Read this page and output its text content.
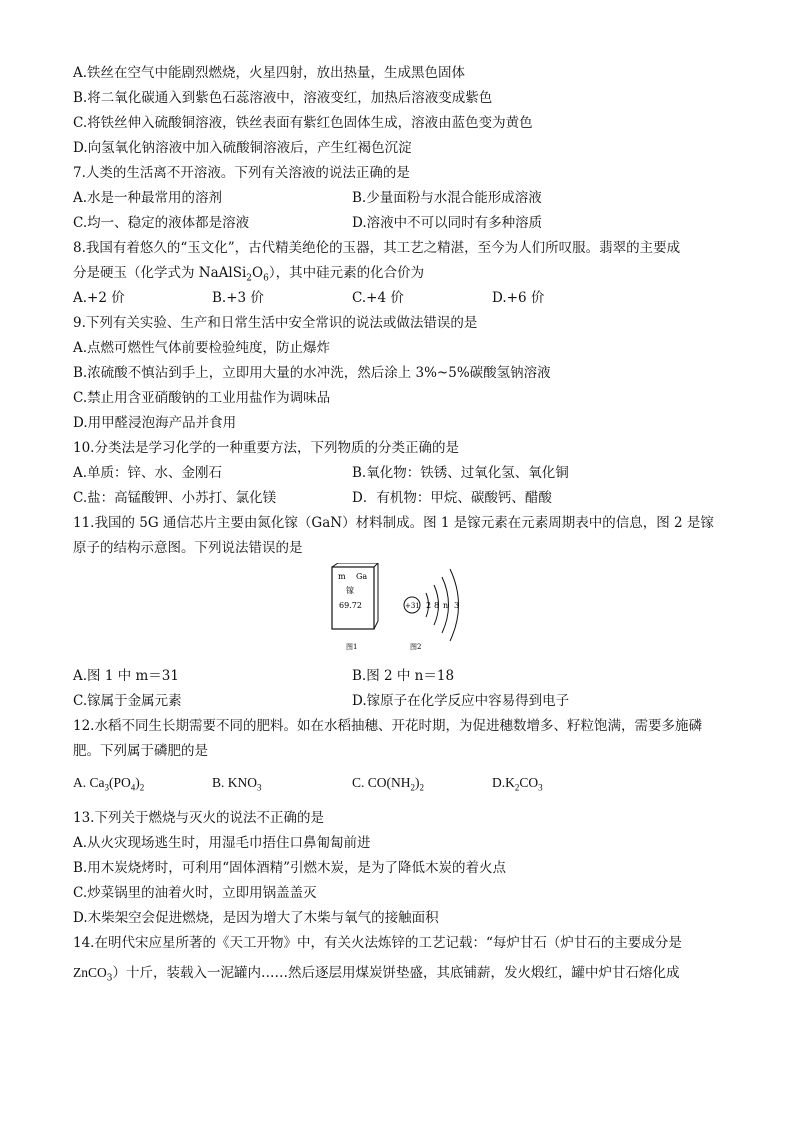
A.铁丝在空气中能剧烈燃烧，火星四射，放出热量，生成黑色固体
B.将二氧化碳通入到紫色石蕊溶液中，溶液变红，加热后溶液变成紫色
C.将铁丝伸入硫酸铜溶液，铁丝表面有紫红色固体生成，溶液由蓝色变为黄色
D.向氢氧化钠溶液中加入硫酸铜溶液后，产生红褐色沉淀
7.人类的生活离不开溶液。下列有关溶液的说法正确的是
A.水是一种最常用的溶剂	B.少量面粉与水混合能形成溶液
C.均一、稳定的液体都是溶液	D.溶液中不可以同时有多种溶质
8.我国有着悠久的“玉文化”，古代精美绝伦的玉器，其工艺之精湛，至今为人们所叹服。翡翠的主要成
分是硬玉（化学式为 $NaAlSi_2O_6$），其中硅元素的化合价为
A.+2 价	B.+3 价	C.+4 价	D.+6 价
9.下列有关实验、生产和日常生活中安全常识的说法或做法错误的是
A.点燃可燃性气体前要检验纯度，防止爆炸
B.浓硫酸不慎沾到手上，立即用大量的水冲洗，然后涂上 3%~5%碳酸氢钠溶液
C.禁止用含亚硝酸钠的工业用盐作为调味品
D.用甲醛浸泡海产品并食用
10.分类法是学习化学的一种重要方法，下列物质的分类正确的是
A.单质：锌、水、金刚石	B.氧化物：铁锈、过氧化氢、氧化铜
C.盐：高锰酸钾、小苏打、氯化镁	D．有机物：甲烷、碳酸钙、醋酸
11.我国的 5G 通信芯片主要由氮化镓（GaN）材料制成。图 1 是镓元素在元素周期表中的信息，图 2 是镓
原子的结构示意图。下列说法错误的是
m Ga
镓
69.72
图1
+31 2 8 n 3
图2
A.图 1 中 m＝31	B.图 2 中 n＝18
C.镓属于金属元素	D.镓原子在化学反应中容易得到电子
12.水稻不同生长期需要不同的肥料。如在水稻抽穗、开花时期，为促进穗数增多、籽粒饱满，需要多施磷
肥。下列属于磷肥的是
A. $Ca_3(PO_4)_2$	B. $KNO_3$	C. $CO(NH_2)_2$	$D.K_2CO_3$
13.下列关于燃烧与灭火的说法不正确的是
A.从火灾现场逃生时，用湿毛巾捂住口鼻匍匐前进
B.用木炭烧烤时，可利用“固体酒精”引燃木炭，是为了降低木炭的着火点
C.炒菜锅里的油着火时，立即用锅盖盖灭
D.木柴架空会促进燃烧，是因为增大了木柴与氧气的接触面积
14.在明代宋应星所著的《天工开物》中，有关火法炼锌的工艺记载：“每炉甘石（炉甘石的主要成分是
ZnCO$_3$）十斤，装载入一泥罐内……然后逐层用煤炭饼垫盛，其底铺薪，发火煅红，罐中炉甘石熔化成
